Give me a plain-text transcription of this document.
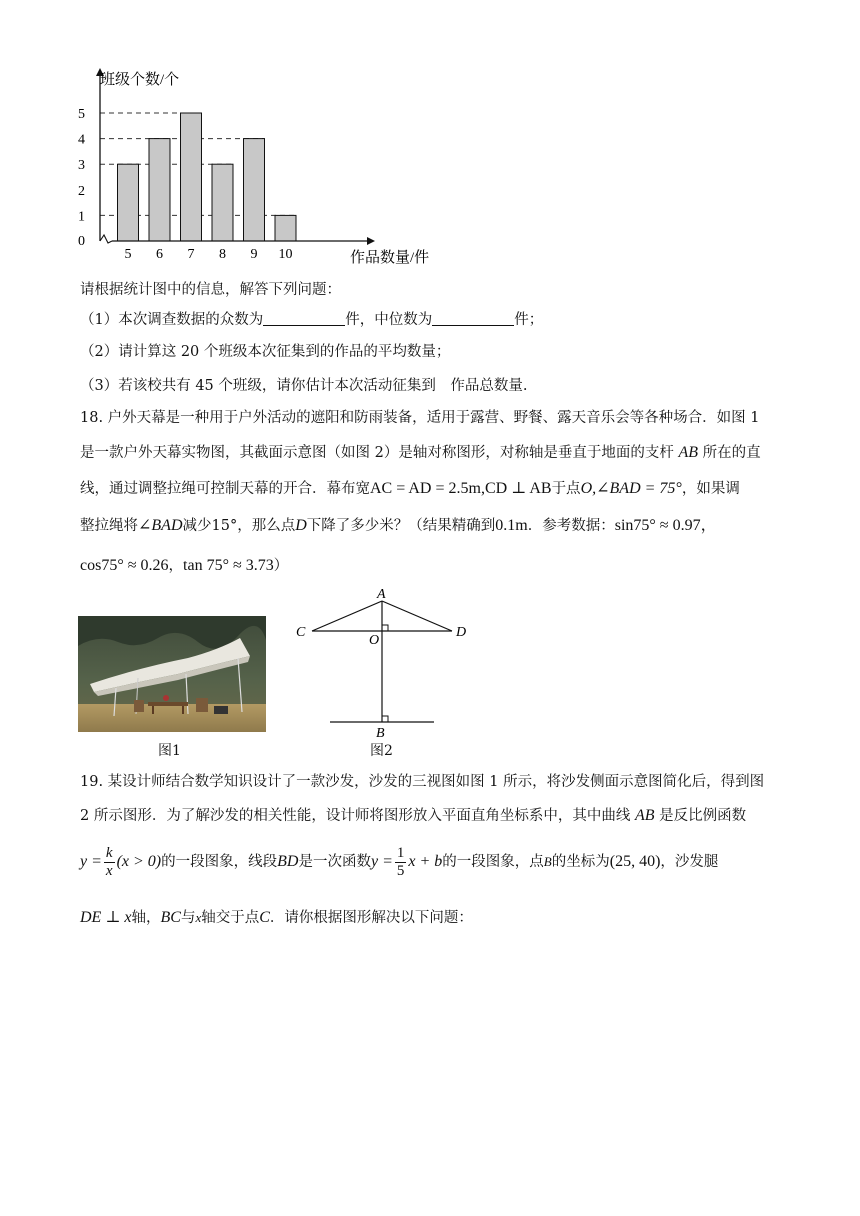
0
1
2
3
4
5
5 6 7 8 9 10
班级个数/个
作品数量/件
请根据统计图中的信息，解答下列问题：
（1）本次调查数据的众数为	件，中位数为	件；
（2）请计算这 20 个班级本次征集到的作品的平均数量；
（3）若该校共有 45 个班级，请你估计本次活动征集到　作品总数量.
18. 户外天幕是一种用于户外活动的遮阳和防雨装备，适用于露营、野餐、露天音乐会等各种场合．如图 1
是一款户外天幕实物图，其截面示意图（如图 2）是轴对称图形，对称轴是垂直于地面的支杆 AB 所在的直
线，通过调整拉绳可控制天幕的开合．幕布宽AC = AD = 2.5m,CD ⊥ AB于点O,∠BAD = 75°，如果调
整拉绳将∠BAD减少15°，那么点D下降了多少米？（结果精确到0.1m．参考数据：sin75° ≈ 0.97，
cos75° ≈ 0.26，tan 75° ≈ 3.73）
图1
A
C	D
O
B
图2
19. 某设计师结合数学知识设计了一款沙发，沙发的三视图如图 1 所示，将沙发侧面示意图简化后，得到图
2 所示图形．为了解沙发的相关性能，设计师将图形放入平面直角坐标系中，其中曲线 AB 是反比例函数
$y = \frac{k}{x} (x > 0)$ 的一段图象，线段 BD 是一次函数 $y = \frac{1}{5}$ x + b 的一段图象，点 B 的坐标为 (25, 40) ，沙发腿
DE ⊥ x轴，BC与x轴交于点C．请你根据图形解决以下问题：
